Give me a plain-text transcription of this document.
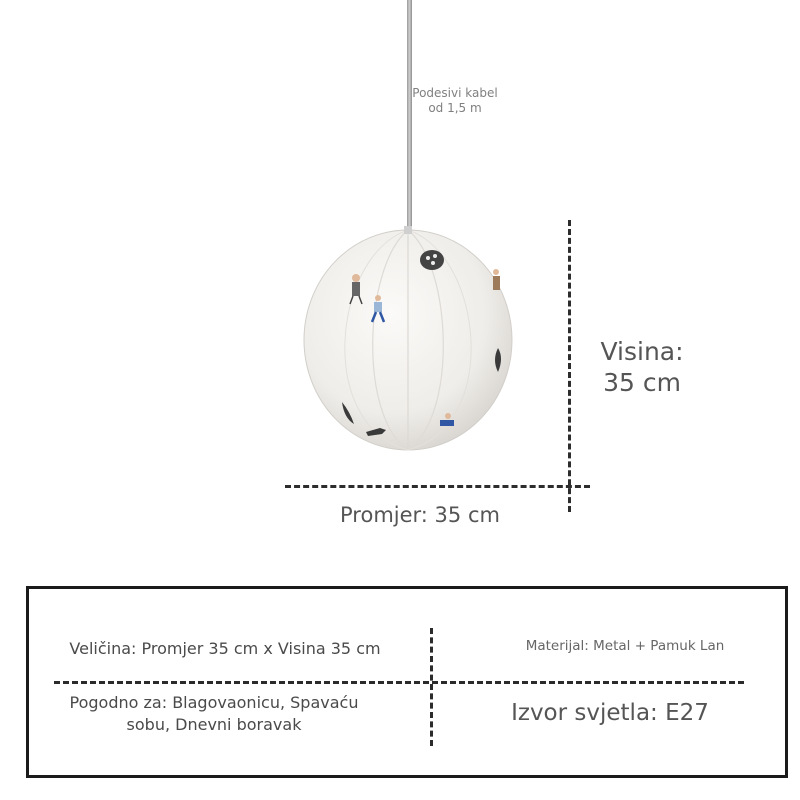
Podesivi kabel od 1,5 m
Visina:
35 cm
Promjer: 35 cm
Veličina: Promjer 35 cm x Visina 35 cm	Materijal: Metal + Pamuk Lan
Pogodno za: Blagovaonicu, Spavaću
sobu, Dnevni boravak	Izvor svjetla: E27
